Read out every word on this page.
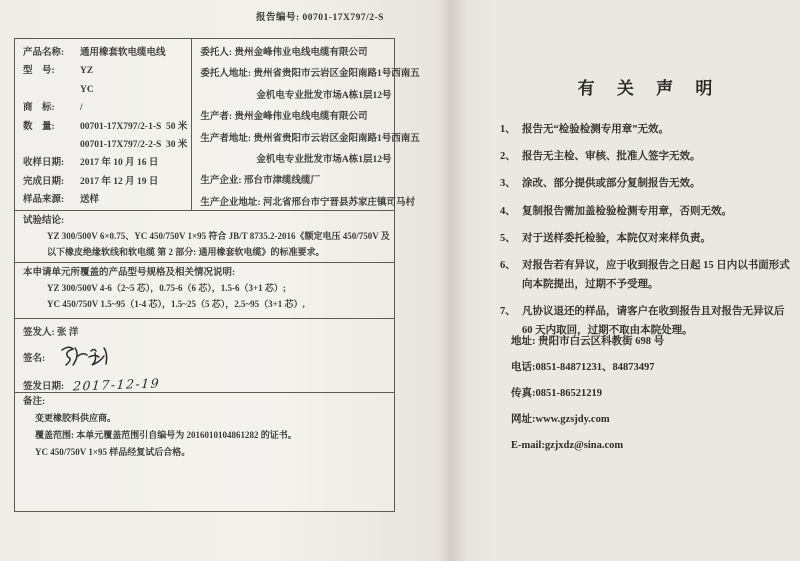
报告编号: 00701-17X797/2-S
产品名称: 通用橡套软电缆电线
型    号: YZ
YC
商    标: /
数    量: 00701-17X797/2-1-S  50 米
00701-17X797/2-2-S  30 米
收样日期: 2017 年 10 月 16 日
完成日期: 2017 年 12 月 19 日
样品来源: 送样
委托人: 贵州金峰伟业电线电缆有限公司
委托人地址: 贵州省贵阳市云岩区金阳南路1号西南五
金机电专业批发市场A栋1层12号
生产者: 贵州金峰伟业电线电缆有限公司
生产者地址: 贵州省贵阳市云岩区金阳南路1号西南五
金机电专业批发市场A栋1层12号
生产企业: 邢台市津缆线缆厂
生产企业地址: 河北省邢台市宁晋县苏家庄镇司马村
试验结论:
YZ 300/500V 6×0.75、YC 450/750V 1×95 符合 JB/T 8735.2-2016《额定电压 450/750V 及
以下橡皮绝缘软线和软电缆 第 2 部分: 通用橡套软电缆》的标准要求。
本申请单元所覆盖的产品型号规格及相关情况说明:
YZ 300/500V 4-6（2~5 芯），0.75-6（6 芯），1.5-6（3+1 芯）;
YC 450/750V 1.5~95（1-4 芯），1.5~25（5 芯），2.5~95（3+1 芯）,
签发人: 张 洋
签名:
签发日期: 2017-12-19
备注:
变更橡胶料供应商。
覆盖范围: 本单元覆盖范围引自编号为 2016010104861282 的证书。
YC 450/750V 1×95 样品经复试后合格。
有 关 声 明
1、 报告无“检验检测专用章”无效。
2、 报告无主检、审核、批准人签字无效。
3、 涂改、部分提供或部分复制报告无效。
4、 复制报告需加盖检验检测专用章，否则无效。
5、 对于送样委托检验，本院仅对来样负责。
6、 对报告若有异议，应于收到报告之日起 15 日内以书面形式向本院提出，过期不予受理。
7、 凡协议退还的样品，请客户在收到报告且对报告无异议后 60 天内取回，过期不取由本院处理。
地址: 贵阳市白云区科教街 698 号
电话:0851-84871231、84873497
传真:0851-86521219
网址:www.gzsjdy.com
E-mail:gzjxdz@sina.com
